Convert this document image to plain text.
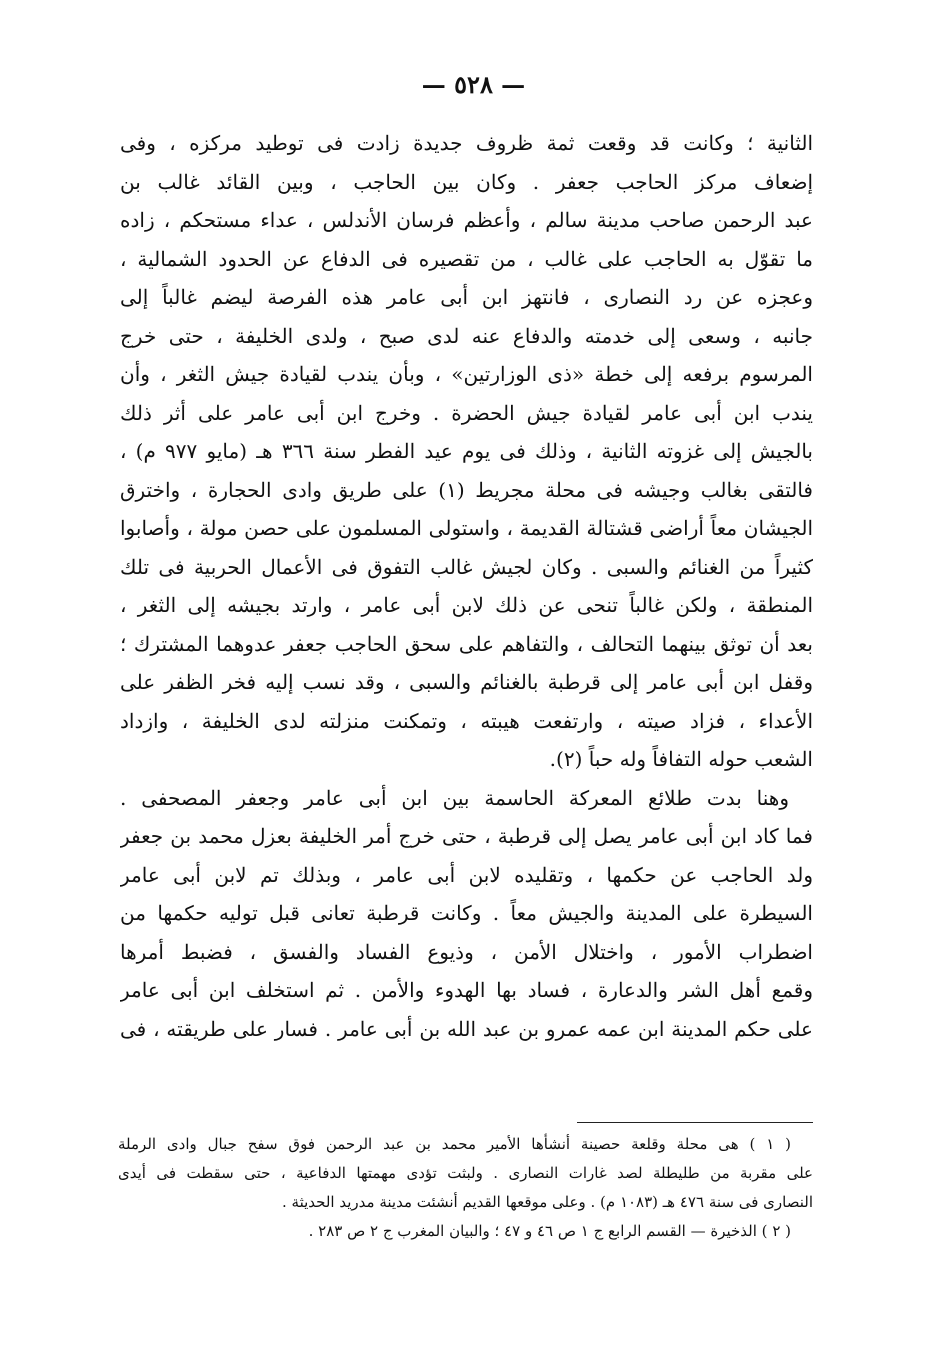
— ٥٢٨ —
الثانية ؛ وكانت قد وقعت ثمة ظروف جديدة زادت فى توطيد مركزه ، وفى
إضعاف مركز الحاجب جعفر . وكان بين الحاجب ، وبين القائد غالب بن
عبد الرحمن صاحب مدينة سالم ، وأعظم فرسان الأندلس ، عداء مستحكم ، زاده
ما تقوّل به الحاجب على غالب ، من تقصيره فى الدفاع عن الحدود الشمالية ،
وعجزه عن رد النصارى ، فانتهز ابن أبى عامر هذه الفرصة ليضم غالباً إلى
جانبه ، وسعى إلى خدمته والدفاع عنه لدى صبح ، ولدى الخليفة ، حتى خرج
المرسوم برفعه إلى خطة «ذى الوزارتين» ، وبأن يندب لقيادة جيش الثغر ، وأن
يندب ابن أبى عامر لقيادة جيش الحضرة . وخرج ابن أبى عامر على أثر ذلك
بالجيش إلى غزوته الثانية ، وذلك فى يوم عيد الفطر سنة ٣٦٦ هـ (مايو ٩٧٧ م) ،
فالتقى بغالب وجيشه فى محلة مجريط (١) على طريق وادى الحجارة ، واخترق
الجيشان معاً أراضى قشتالة القديمة ، واستولى المسلمون على حصن مولة ، وأصابوا
كثيراً من الغنائم والسبى . وكان لجيش غالب التفوق فى الأعمال الحربية فى تلك
المنطقة ، ولكن غالباً تنحى عن ذلك لابن أبى عامر ، وارتد بجيشه إلى الثغر ،
بعد أن توثق بينهما التحالف ، والتفاهم على سحق الحاجب جعفر عدوهما المشترك ؛
وقفل ابن أبى عامر إلى قرطبة بالغنائم والسبى ، وقد نسب إليه فخر الظفر على
الأعداء ، فزاد صيته ، وارتفعت هيبته ، وتمكنت منزلته لدى الخليفة ، وازداد
الشعب حوله التفافاً وله حباً (٢).
وهنا بدت طلائع المعركة الحاسمة بين ابن أبى عامر وجعفر المصحفى .
فما كاد ابن أبى عامر يصل إلى قرطبة ، حتى خرج أمر الخليفة بعزل محمد بن جعفر
ولد الحاجب عن حكمها ، وتقليده لابن أبى عامر ، وبذلك تم لابن أبى عامر
السيطرة على المدينة والجيش معاً . وكانت قرطبة تعانى قبل توليه حكمها من
اضطراب الأمور ، واختلال الأمن ، وذيوع الفساد والفسق ، فضبط أمرها
وقمع أهل الشر والدعارة ، فساد بها الهدوء والأمن . ثم استخلف ابن أبى عامر
على حكم المدينة ابن عمه عمرو بن عبد الله بن أبى عامر . فسار على طريقته ، فى
( ١ ) هى محلة وقلعة حصينة أنشأها الأمير محمد بن عبد الرحمن فوق سفح جبال وادى الرملة
على مقربة من طليطلة لصد غارات النصارى . ولبثت تؤدى مهمتها الدفاعية ، حتى سقطت فى أيدى
النصارى فى سنة ٤٧٦ هـ (١٠٨٣ م) . وعلى موقعها القديم أنشئت مدينة مدريد الحديثة .
( ٢ ) الذخيرة — القسم الرابع ج ١ ص ٤٦ و ٤٧ ؛ والبيان المغرب ج ٢ ص ٢٨٣ .
